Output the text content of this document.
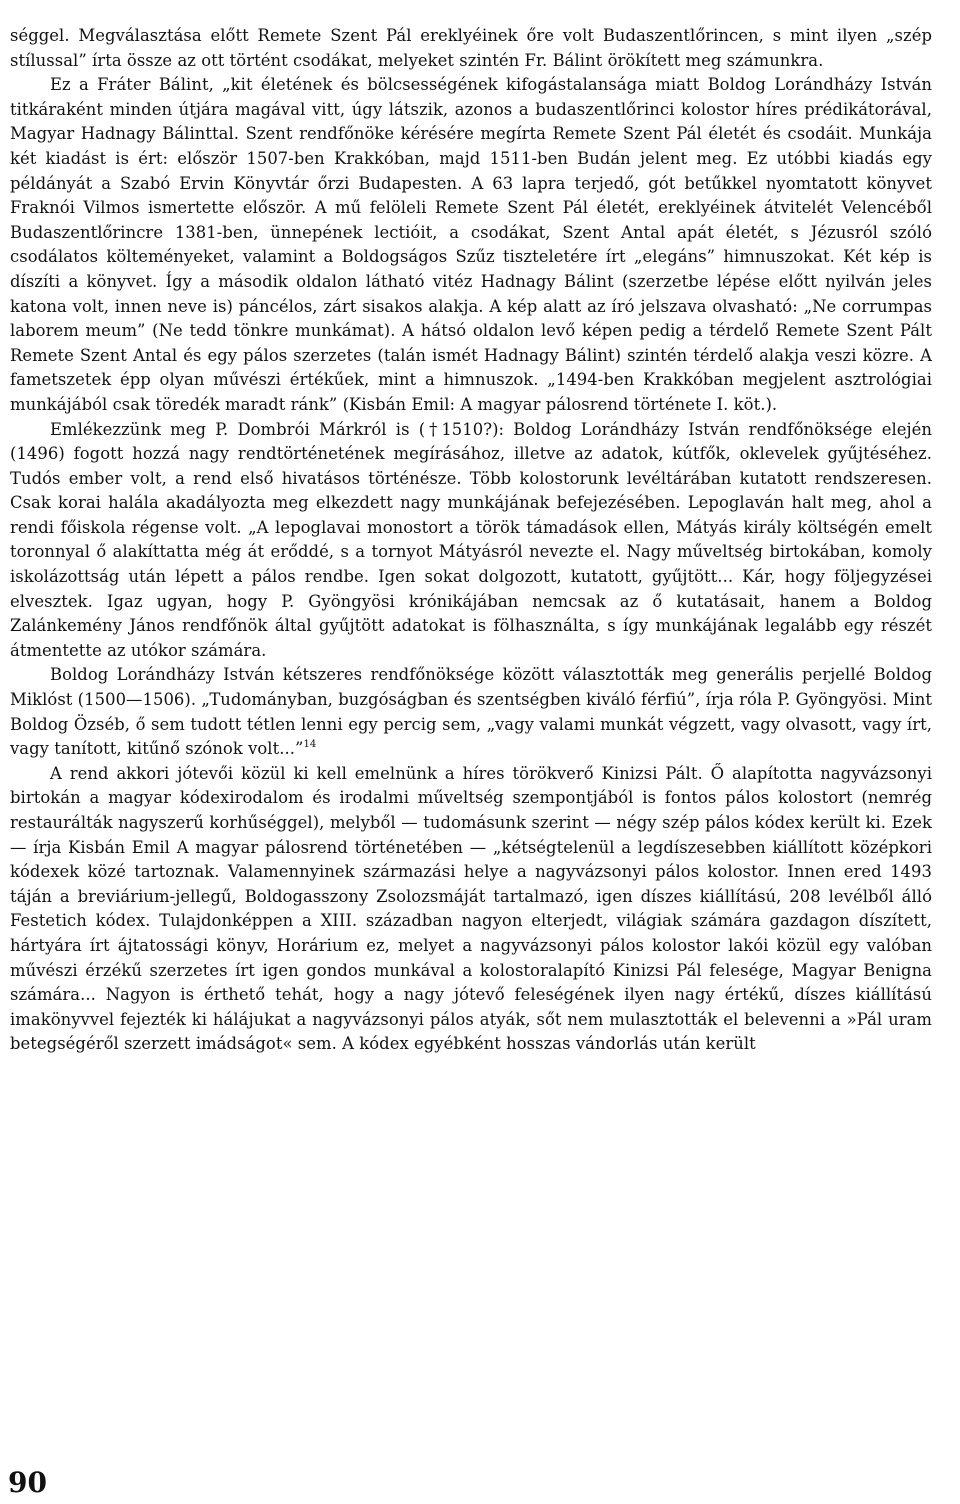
séggel. Megválasztása előtt Remete Szent Pál ereklyéinek őre volt Budaszentlőrincen, s mint ilyen „szép stílussal” írta össze az ott történt csodákat, melyeket szintén Fr. Bálint örökített meg számunkra.

Ez a Fráter Bálint, „kit életének és bölcsességének kifogástalansága miatt Boldog Lorándházy István titkáraként minden útjára magával vitt, úgy látszik, azonos a budaszentlőrinci kolostor híres prédikátorával, Magyar Hadnagy Bálinttal. Szent rendfőnöke kérésére megírta Remete Szent Pál életét és csodáit. Munkája két kiadást is ért: először 1507-ben Krakkóban, majd 1511-ben Budán jelent meg. Ez utóbbi kiadás egy példányát a Szabó Ervin Könyvtár őrzi Budapesten. A 63 lapra terjedő, gót betűkkel nyomtatott könyvet Fraknói Vilmos ismertette először. A mű felöleli Remete Szent Pál életét, ereklyéinek átvitelét Velencéből Budaszentlőrincre 1381-ben, ünnepének lectióit, a csodákat, Szent Antal apát életét, s Jézusról szóló csodálatos költeményeket, valamint a Boldogságos Szűz tiszteletére írt „elegáns” himnuszokat. Két kép is díszíti a könyvet. Így a második oldalon látható vitéz Hadnagy Bálint (szerzetbe lépése előtt nyilván jeles katona volt, innen neve is) páncélos, zárt sisakos alakja. A kép alatt az író jelszava olvasható: „Ne corrumpas laborem meum” (Ne tedd tönkre munkámat). A hátsó oldalon levő képen pedig a térdelő Remete Szent Pált Remete Szent Antal és egy pálos szerzetes (talán ismét Hadnagy Bálint) szintén térdelő alakja veszi közre. A fametszetek épp olyan művészi értékűek, mint a himnuszok. „1494-ben Krakkóban megjelent asztrológiai munkájából csak töredék maradt ránk” (Kisbán Emil: A magyar pálosrend története I. köt.).

Emlékezzünk meg P. Dombrói Márkról is (†1510?): Boldog Lorándházy István rendfőnöksége elején (1496) fogott hozzá nagy rendtörténetének megírásához, illetve az adatok, kútfők, oklevelek gyűjtéséhez. Tudós ember volt, a rend első hivatásos történésze. Több kolostorunk levéltárában kutatott rendszeresen. Csak korai halála akadályozta meg elkezdett nagy munkájának befejezésében. Lepoglaván halt meg, ahol a rendi főiskola régense volt. „A lepoglavai monostort a török támadások ellen, Mátyás király költségén emelt toronnyal ő alakíttatta még át erőddé, s a tornyot Mátyásról nevezte el. Nagy műveltség birtokában, komoly iskolázottság után lépett a pálos rendbe. Igen sokat dolgozott, kutatott, gyűjtött... Kár, hogy följegyzései elvesztek. Igaz ugyan, hogy P. Gyöngyösi krónikájában nemcsak az ő kutatásait, hanem a Boldog Zalánkemény János rendfőnök által gyűjtött adatokat is fölhasználta, s így munkájának legalább egy részét átmentette az utókor számára.

Boldog Lorándházy István kétszeres rendfőnöksége között választották meg generális perjellé Boldog Miklóst (1500—1506). „Tudományban, buzgóságban és szentségben kiváló férfiú”, írja róla P. Gyöngyösi. Mint Boldog Özséb, ő sem tudott tétlen lenni egy percig sem, „vagy valami munkát végzett, vagy olvasott, vagy írt, vagy tanított, kitűnő szónok volt...”$^{14}$

A rend akkori jótevői közül ki kell emelnünk a híres törökverő Kinizsi Pált. Ő alapította nagyvázsonyi birtokán a magyar kódexirodalom és irodalmi műveltség szempontjából is fontos pálos kolostort (nemrég restaurálták nagyszerű korhűséggel), melyből — tudomásunk szerint — négy szép pálos kódex került ki. Ezek — írja Kisbán Emil A magyar pálosrend történetében — „kétségtelenül a legdíszesebben kiállított középkori kódexek közé tartoznak. Valamennyinek származási helye a nagyvázsonyi pálos kolostor. Innen ered 1493 táján a breviárium-jellegű, Boldogasszony Zsolozsmáját tartalmazó, igen díszes kiállítású, 208 levélből álló Festetich kódex. Tulajdonképpen a XIII. században nagyon elterjedt, világiak számára gazdagon díszített, hártyára írt ájtatossági könyv, Horárium ez, melyet a nagyvázsonyi pálos kolostor lakói közül egy valóban művészi érzékű szerzetes írt igen gondos munkával a kolostoralapító Kinizsi Pál felesége, Magyar Benigna számára... Nagyon is érthető tehát, hogy a nagy jótevő feleségének ilyen nagy értékű, díszes kiállítású imakönyvvel fejezték ki hálájukat a nagyvázsonyi pálos atyák, sőt nem mulasztották el belevenni a »Pál uram betegségéről szerzett imádságot« sem. A kódex egyébként hosszas vándorlás után került

90
